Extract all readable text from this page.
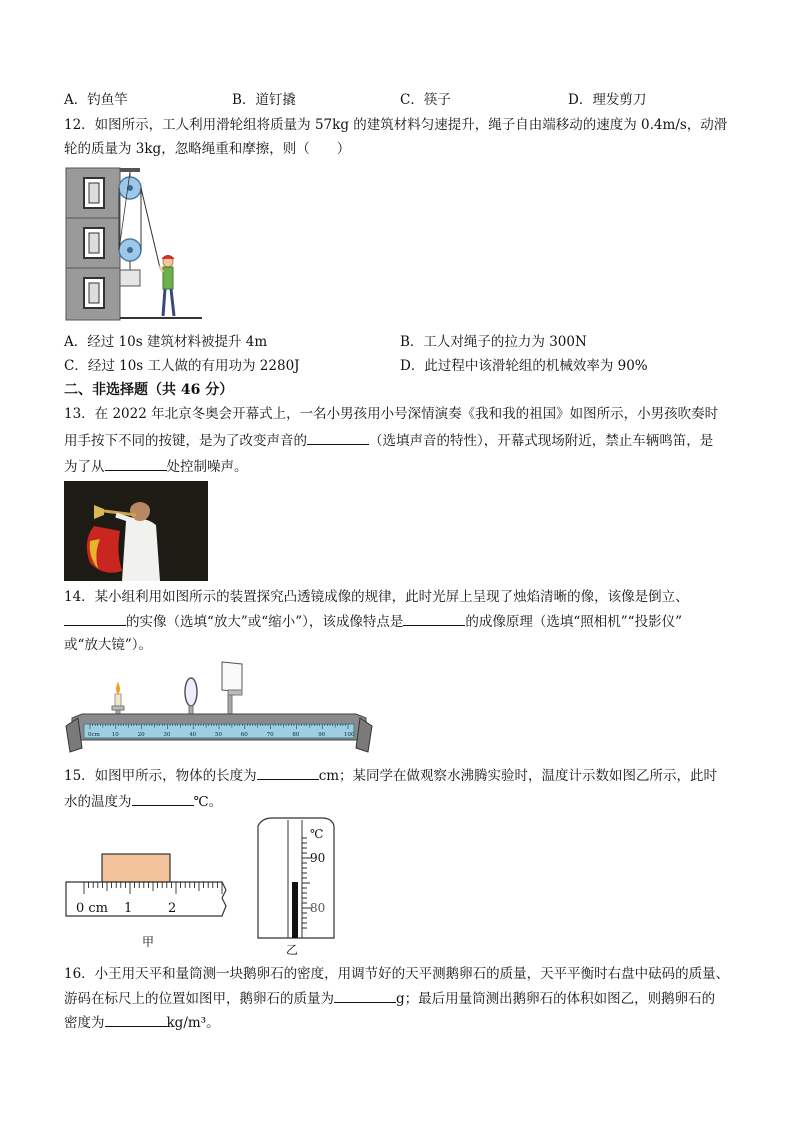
A．钓鱼竿	B．道钉撬	C．筷子	D．理发剪刀
12．如图所示，工人利用滑轮组将质量为 57kg 的建筑材料匀速提升，绳子自由端移动的速度为 0.4m/s，动滑
轮的质量为 3kg，忽略绳重和摩擦，则（　　）
A．经过 10s 建筑材料被提升 4m	B．工人对绳子的拉力为 300N
C．经过 10s 工人做的有用功为 2280J	D．此过程中该滑轮组的机械效率为 90%
二、非选择题（共 46 分）
13．在 2022 年北京冬奥会开幕式上，一名小男孩用小号深情演奏《我和我的祖国》如图所示，小男孩吹奏时
用手按下不同的按键，是为了改变声音的	（选填声音的特性），开幕式现场附近，禁止车辆鸣笛，是
为了从	处控制噪声。
14．某小组利用如图所示的装置探究凸透镜成像的规律，此时光屏上呈现了烛焰清晰的像，该像是倒立、
的实像（选填“放大”或“缩小”），该成像特点是	的成像原理（选填“照相机”“投影仪”
或“放大镜”）。
0cm 10	20	30	40	50	60	70	80	90	100
15．如图甲所示，物体的长度为	cm；某同学在做观察水沸腾实验时，温度计示数如图乙所示，此时
水的温度为	℃。
0 cm 1	2
甲
℃
90
80
乙
16．小王用天平和量筒测一块鹅卵石的密度，用调节好的天平测鹅卵石的质量，天平平衡时右盘中砝码的质量、
游码在标尺上的位置如图甲，鹅卵石的质量为	g；最后用量筒测出鹅卵石的体积如图乙，则鹅卵石的
密度为	kg/m³。
